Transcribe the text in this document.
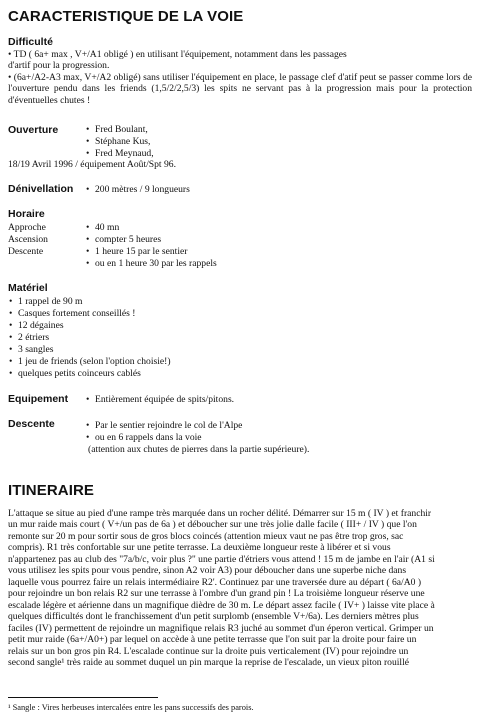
CARACTERISTIQUE DE LA VOIE
Difficulté
• TD ( 6a+ max , V+/A1 obligé ) en utilisant l'équipement, notamment dans les passages
d'artif pour la progression.
• (6a+/A2-A3 max, V+/A2 obligé) sans utiliser l'équipement en place, le passage clef d'atif peut se passer comme lors de l'ouverture pendu dans les friends (1,5/2/2,5/3) les spits ne servant pas à la progression mais pour la protection d'éventuelles chutes !
Ouverture	• Fred Boulant,
• Stéphane Kus,
• Fred Meynaud,
18/19 Avril 1996 / équipement Août/Spt 96.
Dénivellation • 200 mètres / 9 longueurs
Horaire
Approche	• 40 mn
Ascension	• compter 5 heures
Descente	• 1 heure 15 par le sentier
• ou en 1 heure 30 par les rappels
Matériel
• 1 rappel de 90 m
• Casques fortement conseillés !
• 12 dégaines
• 2 étriers
• 3 sangles
• 1 jeu de friends (selon l'option choisie!)
• quelques petits coinceurs cablés
Equipement	• Entièrement équipée de spits/pitons.
Descente	• Par le sentier rejoindre le col de l'Alpe
• ou en 6 rappels dans la voie
(attention aux chutes de pierres dans la partie supérieure).
ITINERAIRE
L'attaque se situe au pied d'une rampe très marquée dans un rocher délité. Démarrer sur 15 m ( IV ) et franchir
un mur raide mais court ( V+/un pas de 6a ) et déboucher sur une très jolie dalle facile ( III+ / IV ) que l'on
remonte sur 20 m pour sortir sous de gros blocs coincés (attention mieux vaut ne pas être trop gros, sac
compris). R1 très confortable sur une petite terrasse. La deuxième longueur reste à libérer et si vous
n'appartenez pas au club des "7a/b/c, voir plus ?" une partie d'étriers vous attend ! 15 m de jambe en l'air (A1 si
vous utilisez les spits pour vous pendre, sinon A2 voir A3) pour déboucher dans une superbe niche dans
laquelle vous pourrez faire un relais intermédiaire R2'. Continuez par une traversée dure au départ ( 6a/A0 )
pour rejoindre un bon relais R2 sur une terrasse à l'ombre d'un grand pin ! La troisième longueur réserve une
escalade légère et aérienne dans un magnifique dièdre de 30 m. Le départ assez facile ( IV+ ) laisse vite place à
quelques difficultés dont le franchissement d'un petit surplomb (ensemble V+/6a). Les derniers mètres plus
faciles (IV) permettent de rejoindre un magnifique relais R3 juché au sommet d'un éperon vertical. Grimper un
petit mur raide (6a+/A0+) par lequel on accède à une petite terrasse que l'on suit par la droite pour faire un
relais sur un bon gros pin R4. L'escalade continue sur la droite puis verticalement (IV) pour rejoindre un
second sangle¹ très raide au sommet duquel un pin marque la reprise de l'escalade, un vieux piton rouillé
¹ Sangle : Vires herbeuses intercalées entre les pans successifs des parois.
